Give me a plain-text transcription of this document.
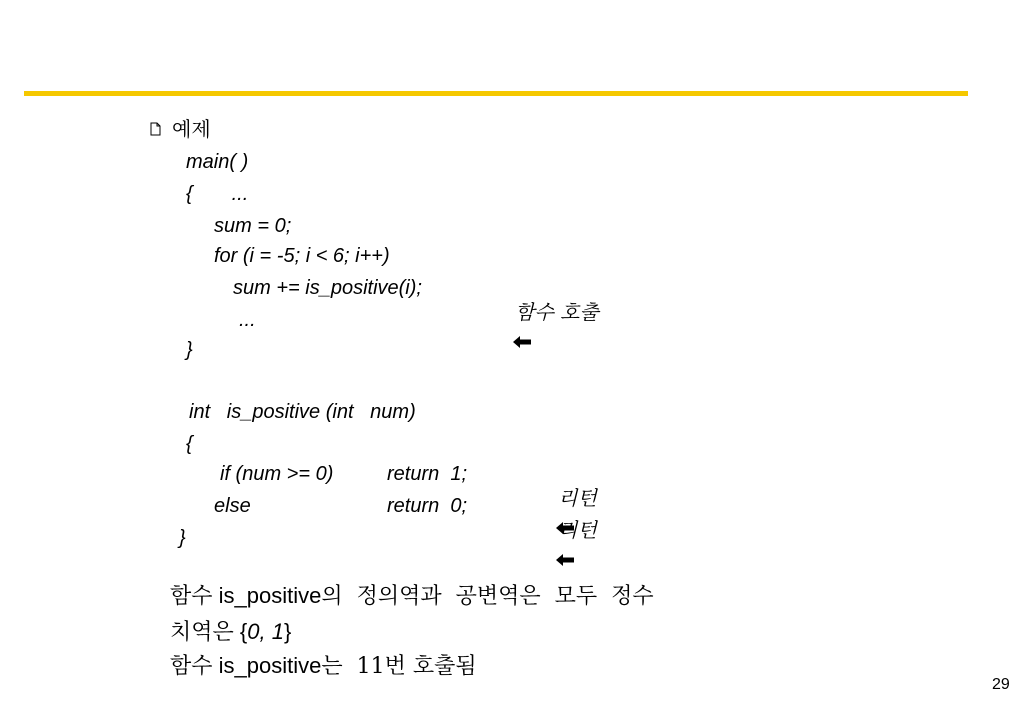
예제
main( )
{       ...
sum = 0;
for (i = -5; i < 6; i++)
sum += is_positive(i);

함수 호출

...
}
int   is_positive (int   num)
{
if (num >= 0)	return  1;

리턴

else	return  0;

리턴

}
함수 is_positive의  정의역과  공변역은  모두  정수
치역은 {0, 1}
함수 is_positive는  11번 호출됨
29
